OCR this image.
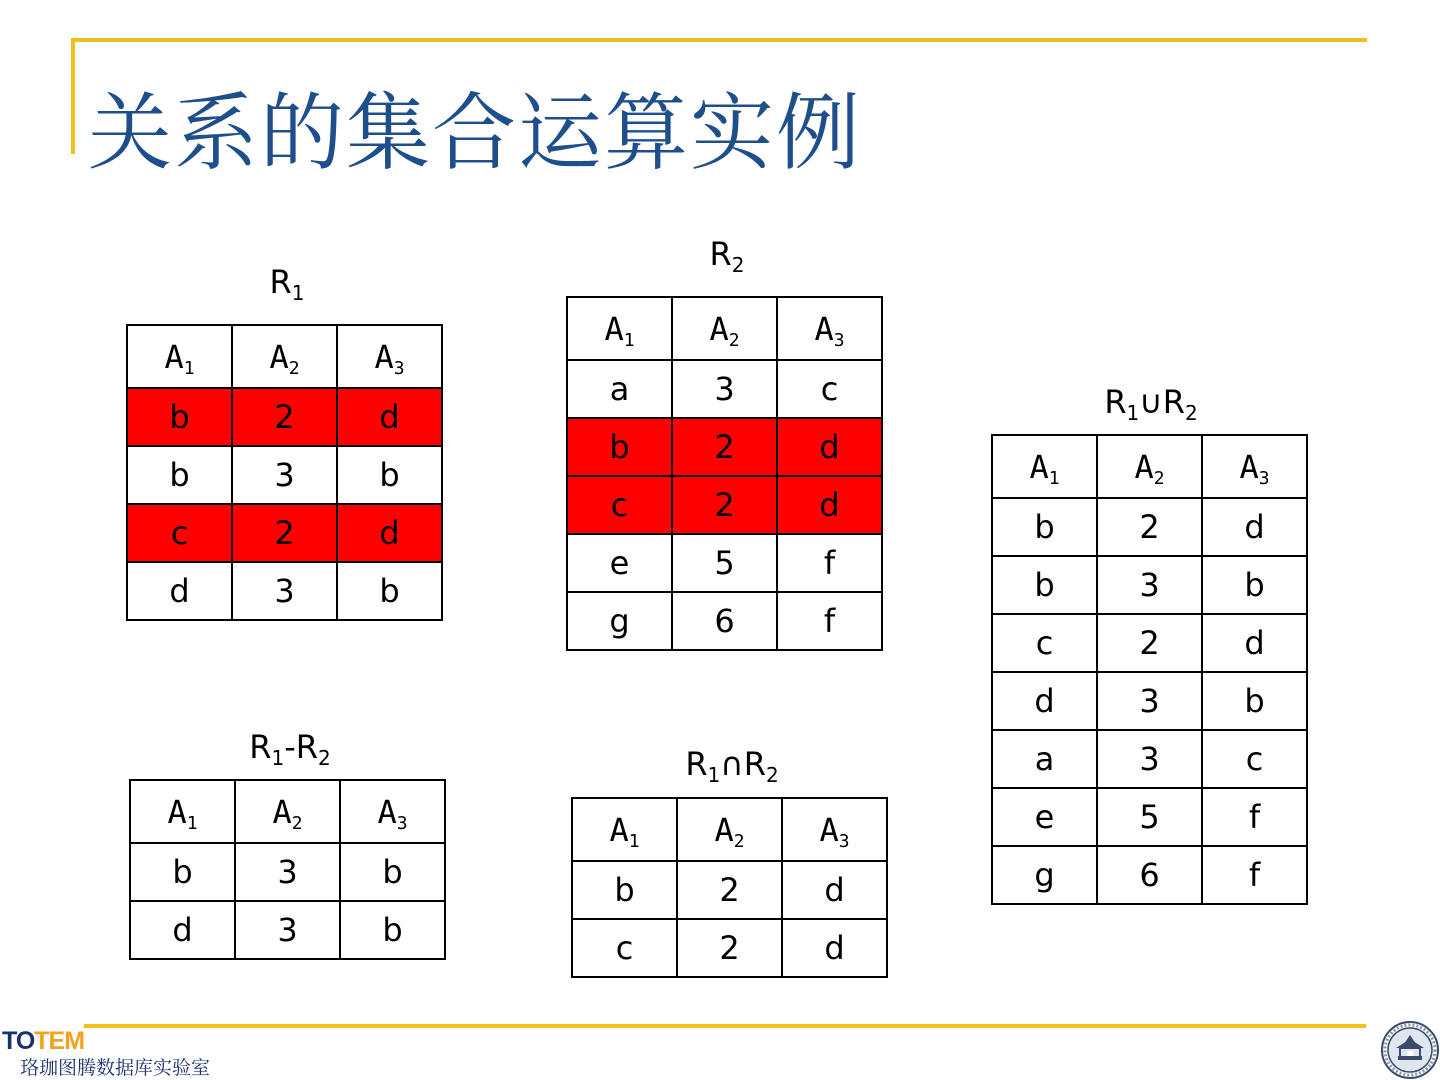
关系的集合运算实例
$R_1$
$A_1$	$A_2$	$A_3$
b	2	d
b	3	b
c	2	d
d	3	b
$R_2$
$A_1$	$A_2$	$A_3$
a	3	c
b	2	d
c	2	d
e	5	f
g	6	f
$R_1\cup R_2$
$A_1$	$A_2$	$A_3$
b	2	d
b	3	b
c	2	d
d	3	b
a	3	c
e	5	f
g	6	f
$R_1-R_2$
$A_1$	$A_2$	$A_3$
b	3	b
d	3	b
$R_1\cap R_2$
$A_1$	$A_2$	$A_3$
b	2	d
c	2	d
TOTEM
珞珈图腾数据库实验室
